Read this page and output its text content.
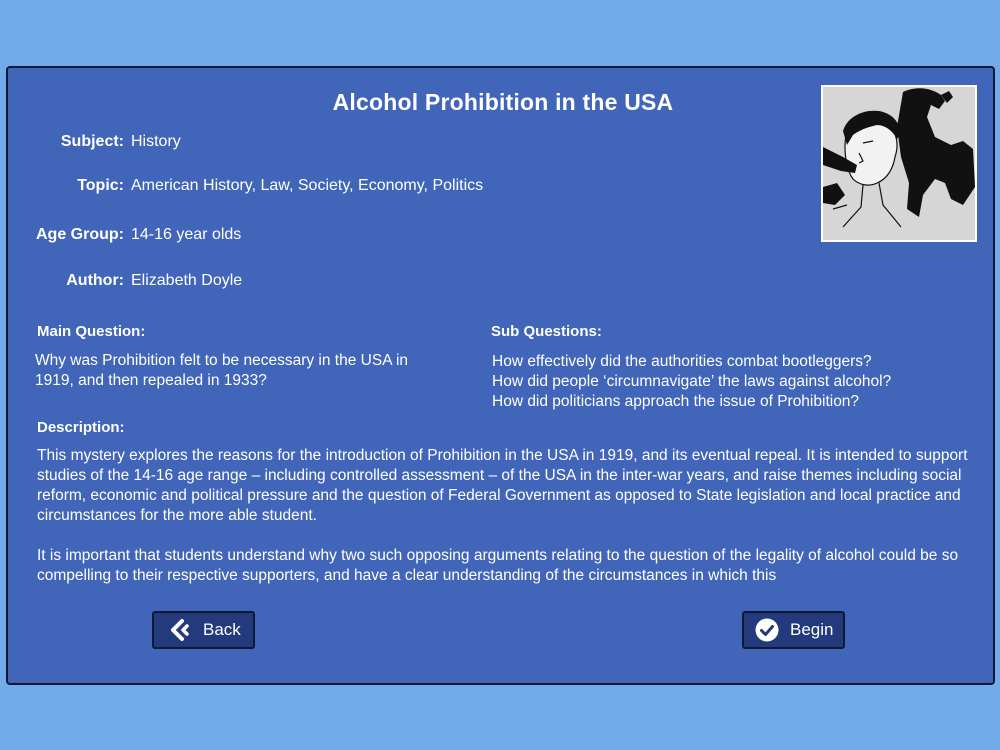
Alcohol Prohibition in the USA
Subject: History
Topic: American History, Law, Society, Economy, Politics
Age Group: 14-16 year olds
Author: Elizabeth Doyle
Main Question:
Why was Prohibition felt to be necessary in the USA in
1919, and then repealed in 1933?
Sub Questions:
How effectively did the authorities combat bootleggers?
How did people ‘circumnavigate’ the laws against alcohol?
How did politicians approach the issue of Prohibition?
Description:

This mystery explores the reasons for the introduction of Prohibition in the USA in 1919, and its eventual repeal. It is intended to support studies of the 14-16 age range – including controlled assessment – of the USA in the inter-war years, and raise themes including social reform, economic and political pressure and the question of Federal Government as opposed to State legislation and local practice and circumstances for the more able student.

It is important that students understand why two such opposing arguments relating to the question of the legality of alcohol could be so compelling to their respective supporters, and have a clear understanding of the circumstances in which this

Back	Begin
